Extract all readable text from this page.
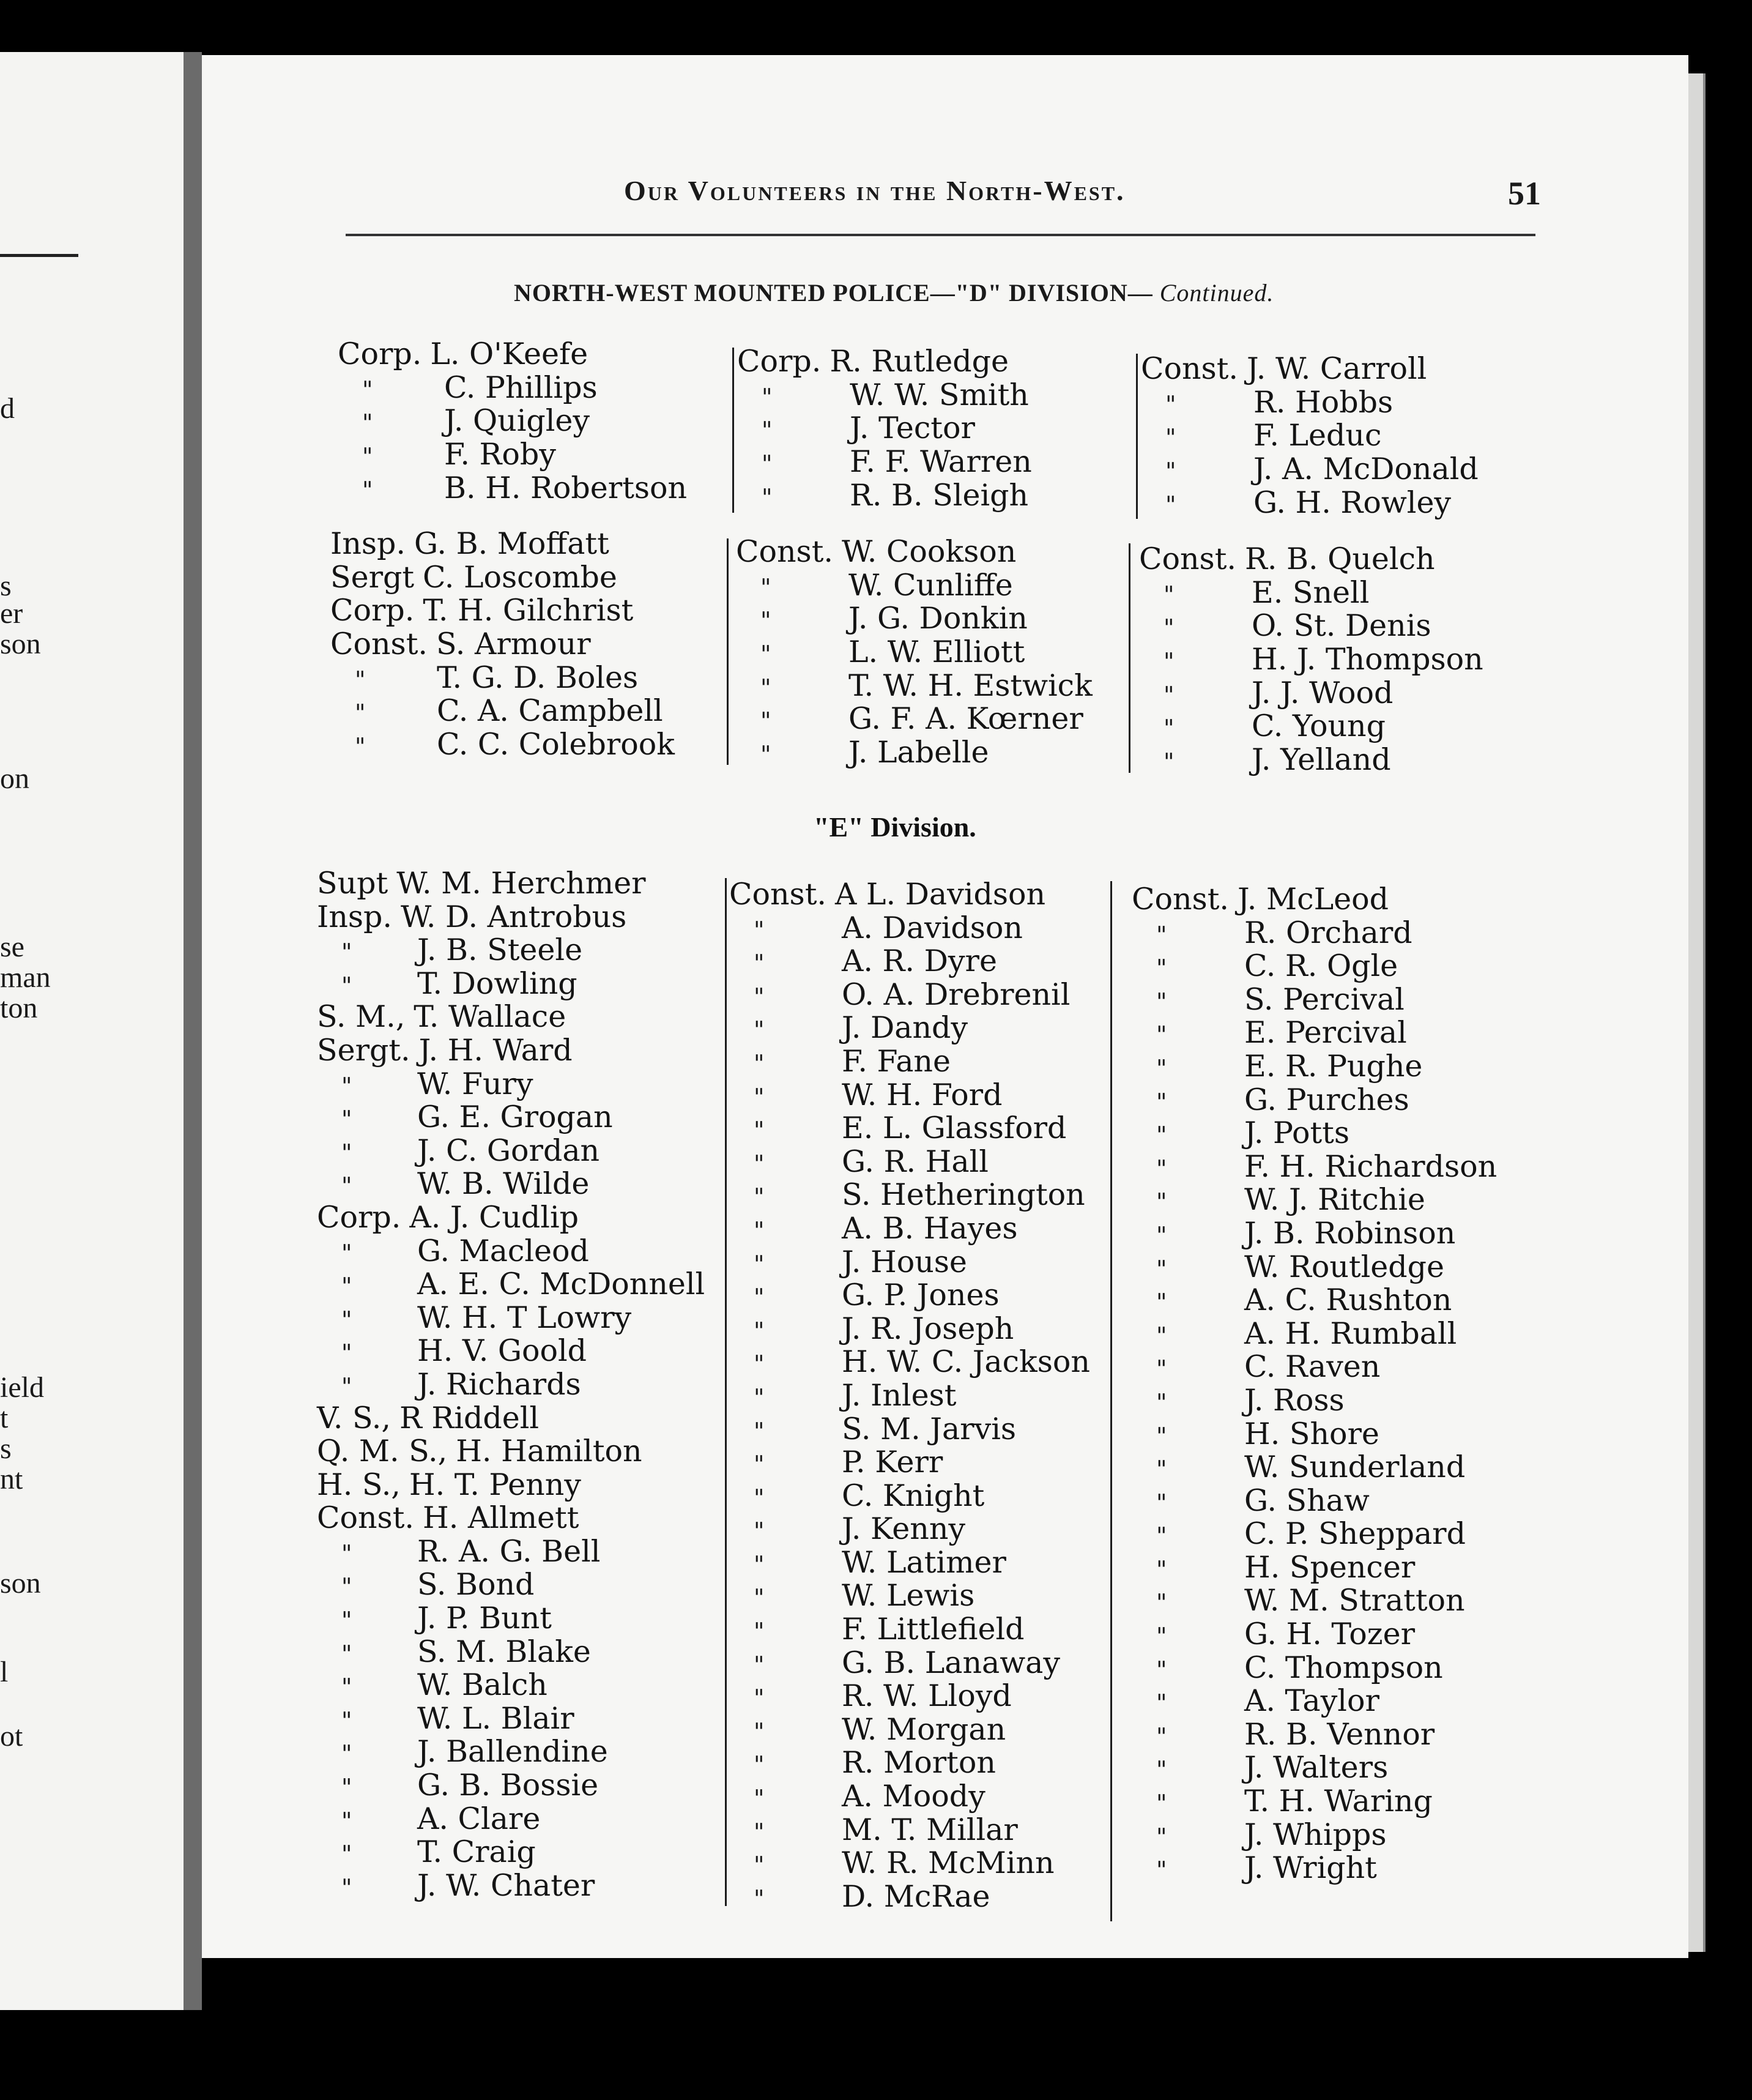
d
s
er
son
on
se
man
ton
ield
t
s
nt
son
l
ot
Our Volunteers in the North-West.	51
NORTH-WEST MOUNTED POLICE—"D" DIVISION— Continued.
Corp. L. O'Keefe
" C. Phillips
" J. Quigley
" F. Roby
" B. H. Robertson
Corp. R. Rutledge
"	W. W. Smith
"	J. Tector
"	F. F. Warren
"	R. B. Sleigh
Const. J. W. Carroll
"	R. Hobbs
"	F. Leduc
"	J. A. McDonald
"	G. H. Rowley
Insp. G. B. Moffatt
Sergt C. Loscombe
Corp. T. H. Gilchrist
Const. S. Armour
" T. G. D. Boles
" C. A. Campbell
" C. C. Colebrook
Const. W. Cookson
"	W. Cunliffe
"	J. G. Donkin
"	L. W. Elliott
"	T. W. H. Estwick
"	G. F. A. Kœrner
"	J. Labelle
Const. R. B. Quelch
"	E. Snell
"	O. St. Denis
"	H. J. Thompson
"	J. J. Wood
"	C. Young
"	J. Yelland
"E" Division.
Supt W. M. Herchmer
Insp. W. D. Antrobus
" J. B. Steele
" T. Dowling
S. M., T. Wallace
Sergt. J. H. Ward
" W. Fury
" G. E. Grogan
" J. C. Gordan
" W. B. Wilde
Corp. A. J. Cudlip
" G. Macleod
" A. E. C. McDonnell
" W. H. T Lowry
" H. V. Goold
" J. Richards
V. S., R Riddell
Q. M. S., H. Hamilton
H. S., H. T. Penny
Const. H. Allmett
" R. A. G. Bell
" S. Bond
" J. P. Bunt
" S. M. Blake
" W. Balch
" W. L. Blair
" J. Ballendine
" G. B. Bossie
" A. Clare
" T. Craig
" J. W. Chater
Const. A L. Davidson
"	A. Davidson
"	A. R. Dyre
"	O. A. Drebrenil
"	J. Dandy
"	F. Fane
"	W. H. Ford
"	E. L. Glassford
"	G. R. Hall
"	S. Hetherington
"	A. B. Hayes
"	J. House
"	G. P. Jones
"	J. R. Joseph
"	H. W. C. Jackson
"	J. Inlest
"	S. M. Jarvis
"	P. Kerr
"	C. Knight
"	J. Kenny
"	W. Latimer
"	W. Lewis
"	F. Littlefield
"	G. B. Lanaway
"	R. W. Lloyd
"	W. Morgan
"	R. Morton
"	A. Moody
"	M. T. Millar
"	W. R. McMinn
"	D. McRae
Const. J. McLeod
"	R. Orchard
"	C. R. Ogle
"	S. Percival
"	E. Percival
"	E. R. Pughe
"	G. Purches
"	J. Potts
"	F. H. Richardson
"	W. J. Ritchie
"	J. B. Robinson
"	W. Routledge
"	A. C. Rushton
"	A. H. Rumball
"	C. Raven
"	J. Ross
"	H. Shore
"	W. Sunderland
"	G. Shaw
"	C. P. Sheppard
"	H. Spencer
"	W. M. Stratton
"	G. H. Tozer
"	C. Thompson
"	A. Taylor
"	R. B. Vennor
"	J. Walters
"	T. H. Waring
"	J. Whipps
"	J. Wright
